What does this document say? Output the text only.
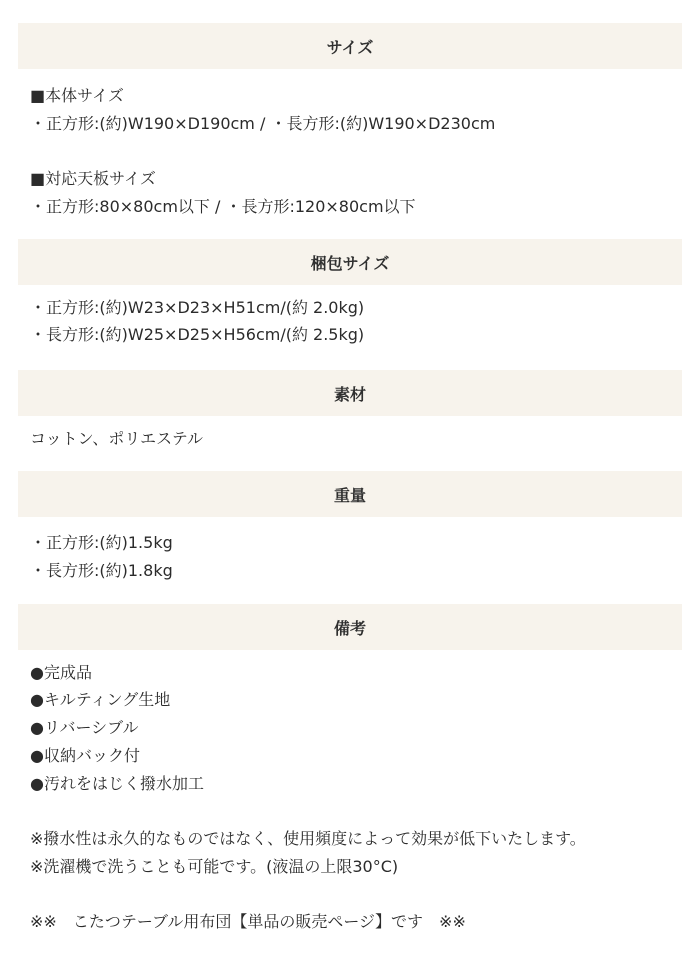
サイズ
■本体サイズ
・正方形:(約)W190×D190cm / ・長方形:(約)W190×D230cm
■対応天板サイズ
・正方形:80×80cm以下 / ・長方形:120×80cm以下
梱包サイズ
・正方形:(約)W23×D23×H51cm/(約 2.0kg)
・長方形:(約)W25×D25×H56cm/(約 2.5kg)
素材
コットン、ポリエステル
重量
・正方形:(約)1.5kg
・長方形:(約)1.8kg
備考
●完成品
●キルティング生地
●リバーシブル
●収納バック付
●汚れをはじく撥水加工
※撥水性は永久的なものではなく、使用頻度によって効果が低下いたします。
※洗濯機で洗うことも可能です。(液温の上限30°C)
※※　こたつテーブル用布団【単品の販売ページ】です　※※
